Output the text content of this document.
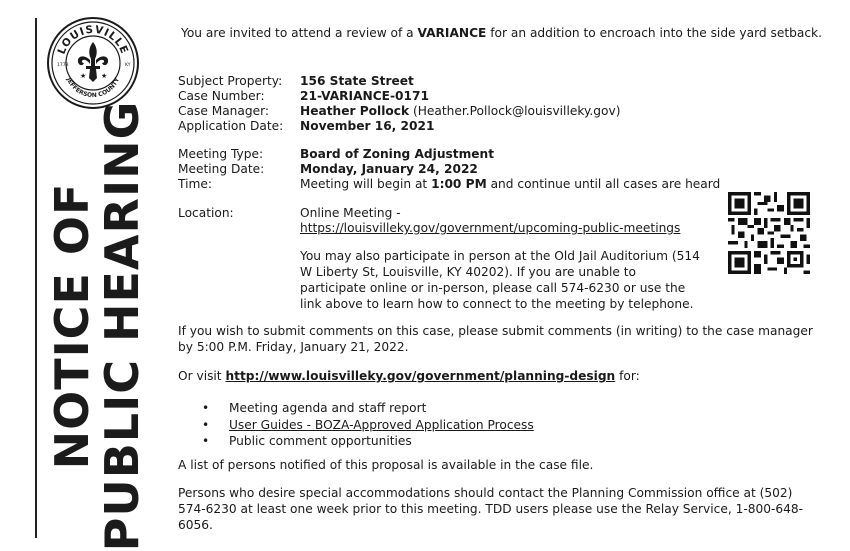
LOUISVILLE
JEFFERSON COUNTY
1778	KY
★ ★
NOTICE OF
PUBLIC HEARING
You are invited to attend a review of a VARIANCE for an addition to encroach into the side yard setback.
Subject Property: 156 State Street
Case Number:	21-VARIANCE-0171
Case Manager:	Heather Pollock (Heather.Pollock@louisvilleky.gov)
Application Date: November 16, 2021
Meeting Type:	Board of Zoning Adjustment
Meeting Date:	Monday, January 24, 2022
Time:	Meeting will begin at 1:00 PM and continue until all cases are heard
Location:	Online Meeting -
https://louisvilleky.gov/government/upcoming-public-meetings
You may also participate in person at the Old Jail Auditorium (514 W Liberty St, Louisville, KY 40202). If you are unable to participate online or in-person, please call 574-6230 or use the link above to learn how to connect to the meeting by telephone.
If you wish to submit comments on this case, please submit comments (in writing) to the case manager by 5:00 P.M. Friday, January 21, 2022.
Or visit http://www.louisvilleky.gov/government/planning-design for:
• Meeting agenda and staff report
• User Guides - BOZA-Approved Application Process
• Public comment opportunities
A list of persons notified of this proposal is available in the case file.
Persons who desire special accommodations should contact the Planning Commission office at (502) 574-6230 at least one week prior to this meeting. TDD users please use the Relay Service, 1-800-648-6056.
